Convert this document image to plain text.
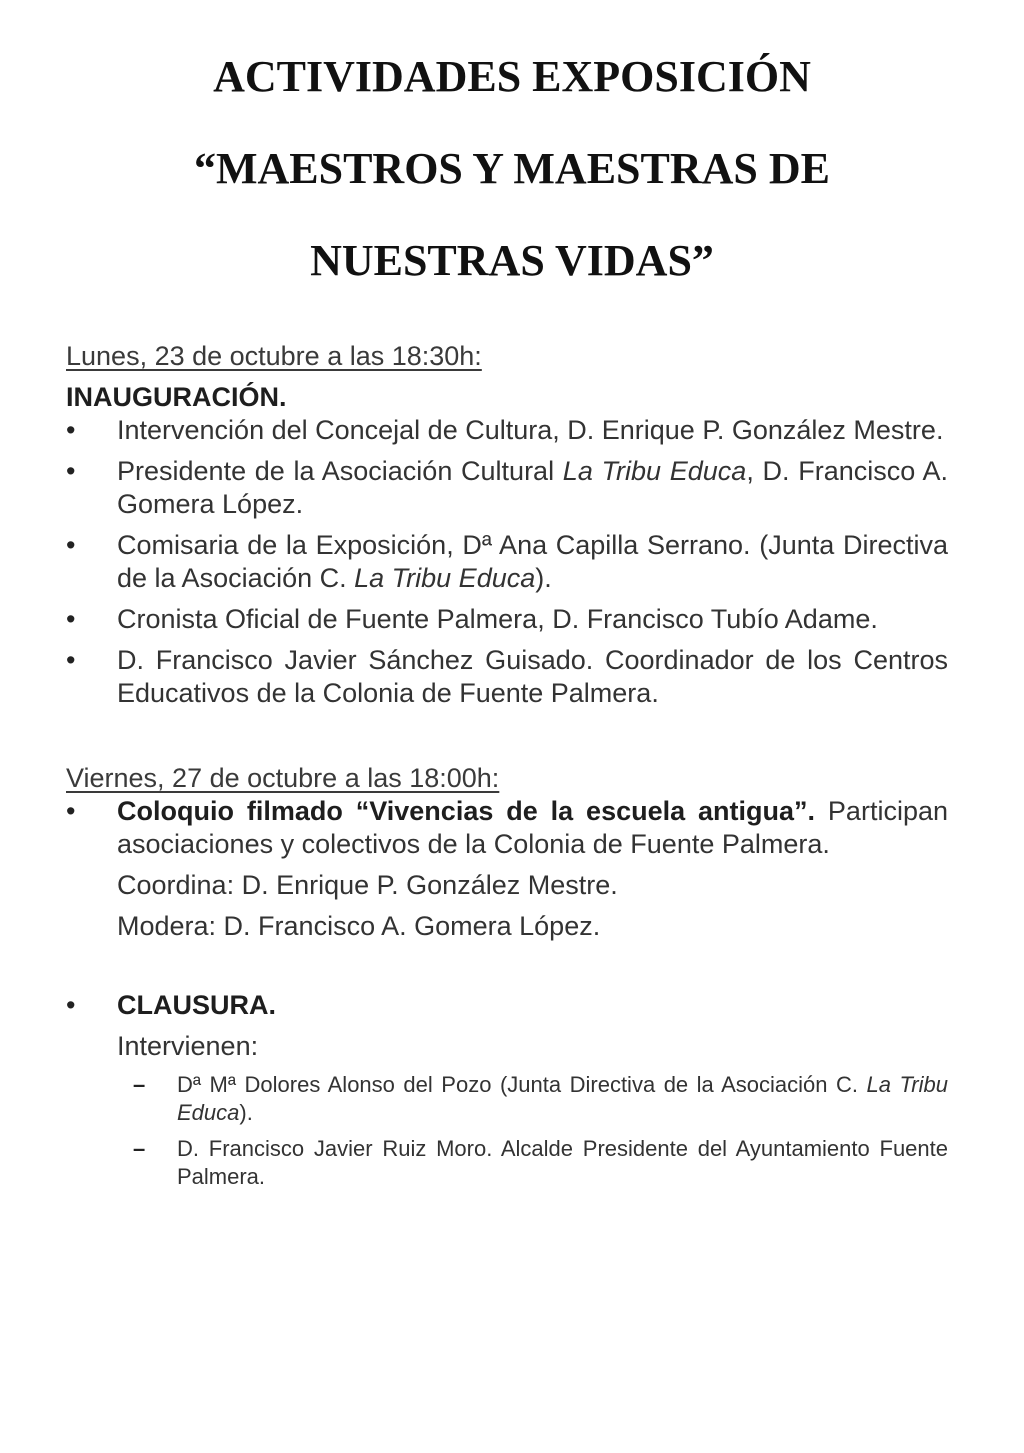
ACTIVIDADES EXPOSICIÓN
“MAESTROS Y MAESTRAS DE
NUESTRAS VIDAS”
Lunes, 23 de octubre a las 18:30h:
INAUGURACIÓN.
• Intervención del Concejal de Cultura, D. Enrique P. González Mestre.
• Presidente de la Asociación Cultural La Tribu Educa, D. Francisco A. Gomera López.
• Comisaria de la Exposición, Dª Ana Capilla Serrano. (Junta Directiva de la Asociación C. La Tribu Educa).
• Cronista Oficial de Fuente Palmera, D. Francisco Tubío Adame.
• D. Francisco Javier Sánchez Guisado. Coordinador de los Centros Educativos de la Colonia de Fuente Palmera.
Viernes, 27 de octubre a las 18:00h:
• Coloquio filmado “Vivencias de la escuela antigua”. Participan asociaciones y colectivos de la Colonia de Fuente Palmera.
Coordina: D. Enrique P. González Mestre.
Modera: D. Francisco A. Gomera López.
• CLAUSURA.
Intervienen:
– Dª Mª Dolores Alonso del Pozo (Junta Directiva de la Asociación C. La Tribu Educa).
– D. Francisco Javier Ruiz Moro. Alcalde Presidente del Ayuntamiento Fuente Palmera.
